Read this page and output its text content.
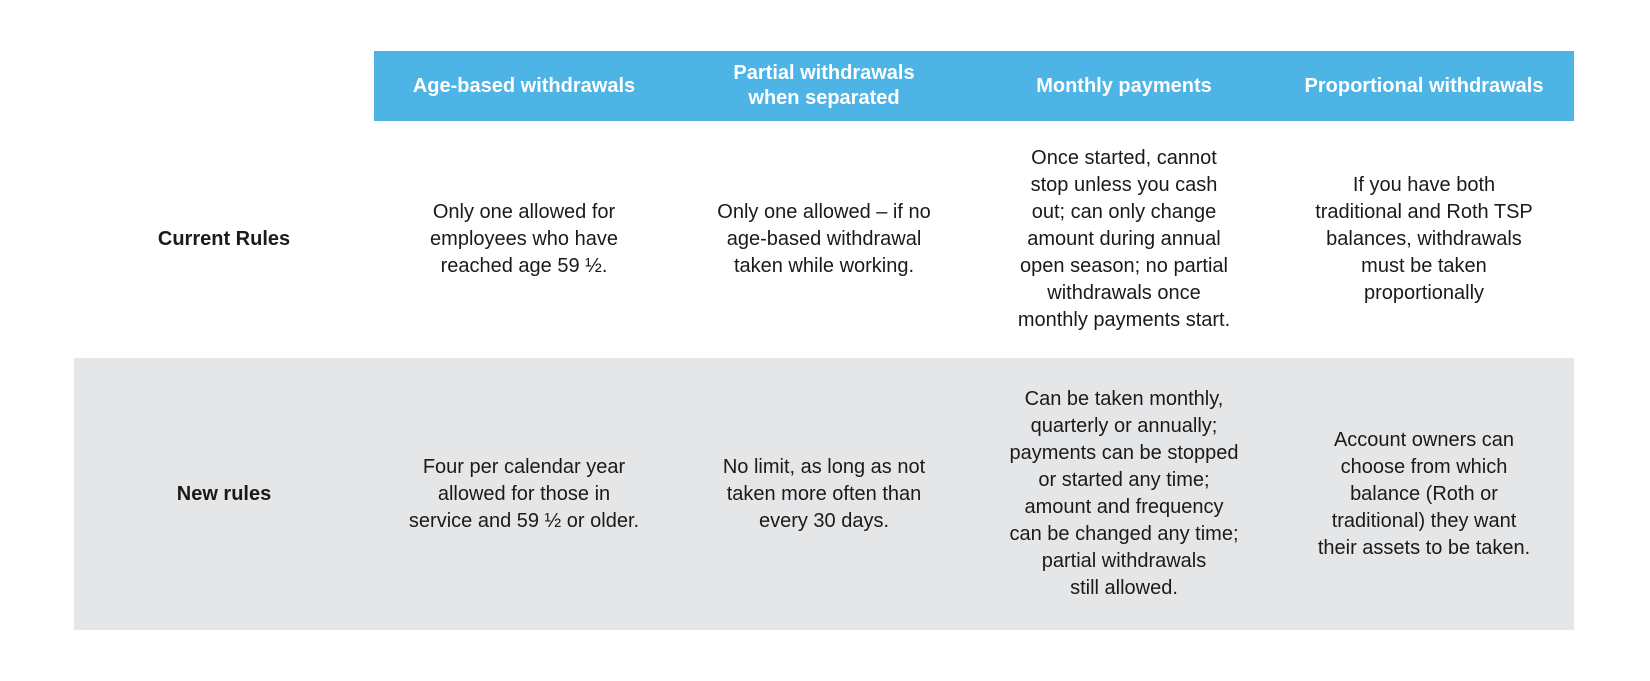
Age-based withdrawals
Partial withdrawals
when separated
Monthly payments	Proportional withdrawals
Current Rules
Only one allowed for
employees who have
reached age 59 ½.
Only one allowed – if no
age-based withdrawal
taken while working.
Once started, cannot
stop unless you cash
out; can only change
amount during annual
open season; no partial
withdrawals once
monthly payments start.
If you have both
traditional and Roth TSP
balances, withdrawals
must be taken
proportionally
New rules
Four per calendar year
allowed for those in
service and 59 ½ or older.
No limit, as long as not
taken more often than
every 30 days.
Can be taken monthly,
quarterly or annually;
payments can be stopped
or started any time;
amount and frequency
can be changed any time;
partial withdrawals
still allowed.
Account owners can
choose from which
balance (Roth or
traditional) they want
their assets to be taken.
